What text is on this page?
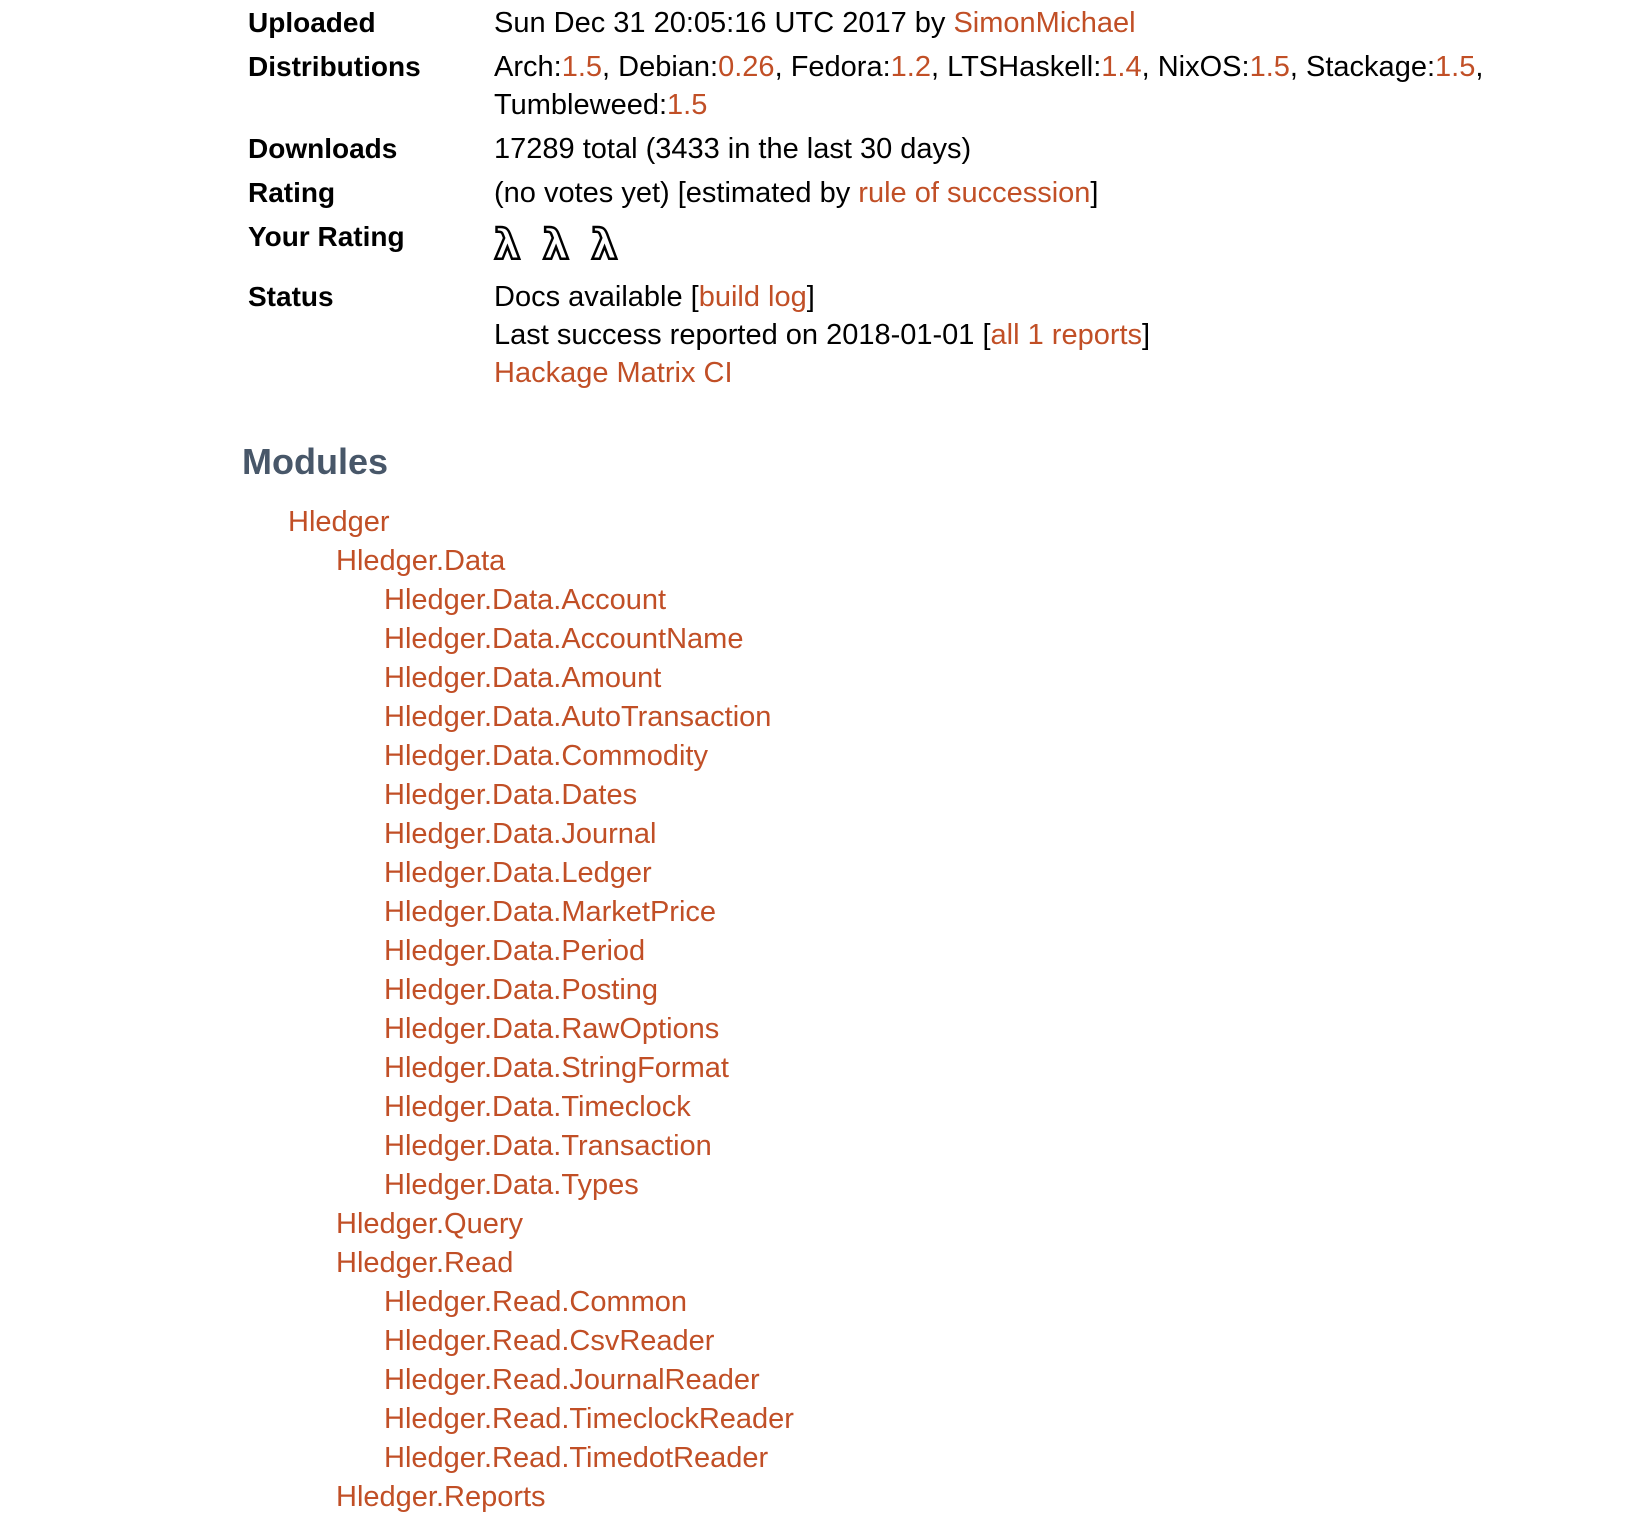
Uploaded	Sun Dec 31 20:05:16 UTC 2017 by SimonMichael
Distributions	Arch:1.5, Debian:0.26, Fedora:1.2, LTSHaskell:1.4, NixOS:1.5, Stackage:1.5,
Tumbleweed:1.5
Downloads	17289 total (3433 in the last 30 days)
Rating	(no votes yet) [estimated by rule of succession]
Your Rating	λ λ λ
Status	Docs available [build log]
Last success reported on 2018-01-01 [all 1 reports]
Hackage Matrix CI
Modules
Hledger
Hledger.Data
Hledger.Data.Account
Hledger.Data.AccountName
Hledger.Data.Amount
Hledger.Data.AutoTransaction
Hledger.Data.Commodity
Hledger.Data.Dates
Hledger.Data.Journal
Hledger.Data.Ledger
Hledger.Data.MarketPrice
Hledger.Data.Period
Hledger.Data.Posting
Hledger.Data.RawOptions
Hledger.Data.StringFormat
Hledger.Data.Timeclock
Hledger.Data.Transaction
Hledger.Data.Types
Hledger.Query
Hledger.Read
Hledger.Read.Common
Hledger.Read.CsvReader
Hledger.Read.JournalReader
Hledger.Read.TimeclockReader
Hledger.Read.TimedotReader
Hledger.Reports
